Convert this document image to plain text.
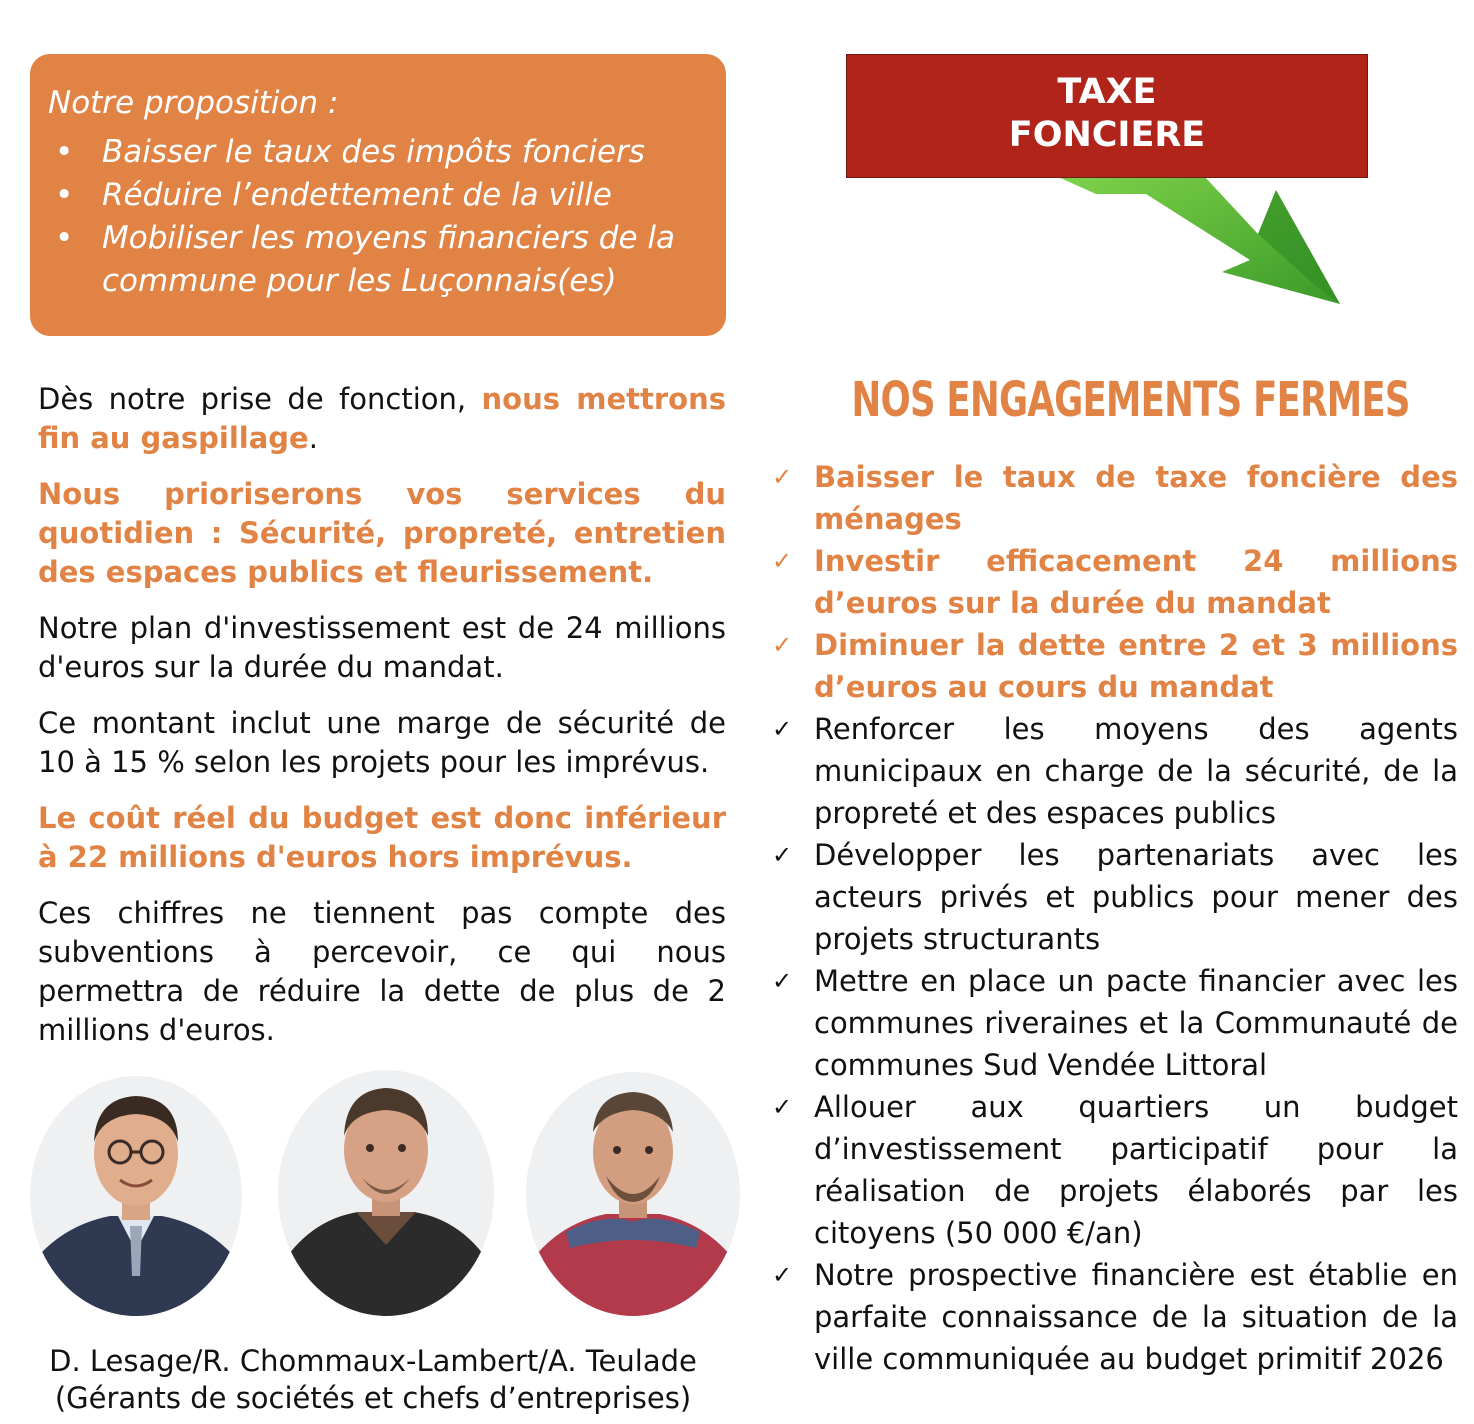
Notre proposition :
• Baisser le taux des impôts fonciers
• Réduire l’endettement de la ville
• Mobiliser les moyens financiers de la commune pour les Luçonnais(es)

Dès notre prise de fonction, nous mettrons fin au gaspillage.

Nous prioriserons vos services du quotidien : Sécurité, propreté, entretien des espaces publics et fleurissement.

Notre plan d'investissement est de 24 millions d'euros sur la durée du mandat.

Ce montant inclut une marge de sécurité de 10 à 15 % selon les projets pour les imprévus.

Le coût réel du budget est donc inférieur à 22 millions d'euros hors imprévus.

Ces chiffres ne tiennent pas compte des subventions à percevoir, ce qui nous permettra de réduire la dette de plus de 2 millions d'euros.

D. Lesage/R. Chommaux-Lambert/A. Teulade
(Gérants de sociétés et chefs d’entreprises)
TAXE
FONCIERE
NOS ENGAGEMENTS FERMES
✓ Baisser le taux de taxe foncière des ménages
✓ Investir efficacement 24 millions d’euros sur la durée du mandat
✓ Diminuer la dette entre 2 et 3 millions d’euros au cours du mandat
✓ Renforcer les moyens des agents municipaux en charge de la sécurité, de la propreté et des espaces publics
✓ Développer les partenariats avec les acteurs privés et publics pour mener des projets structurants
✓ Mettre en place un pacte financier avec les communes riveraines et la Communauté de communes Sud Vendée Littoral
✓ Allouer aux quartiers un budget d’investissement participatif pour la réalisation de projets élaborés par les citoyens (50 000 €/an)
✓ Notre prospective financière est établie en parfaite connaissance de la situation de la ville communiquée au budget primitif 2026
